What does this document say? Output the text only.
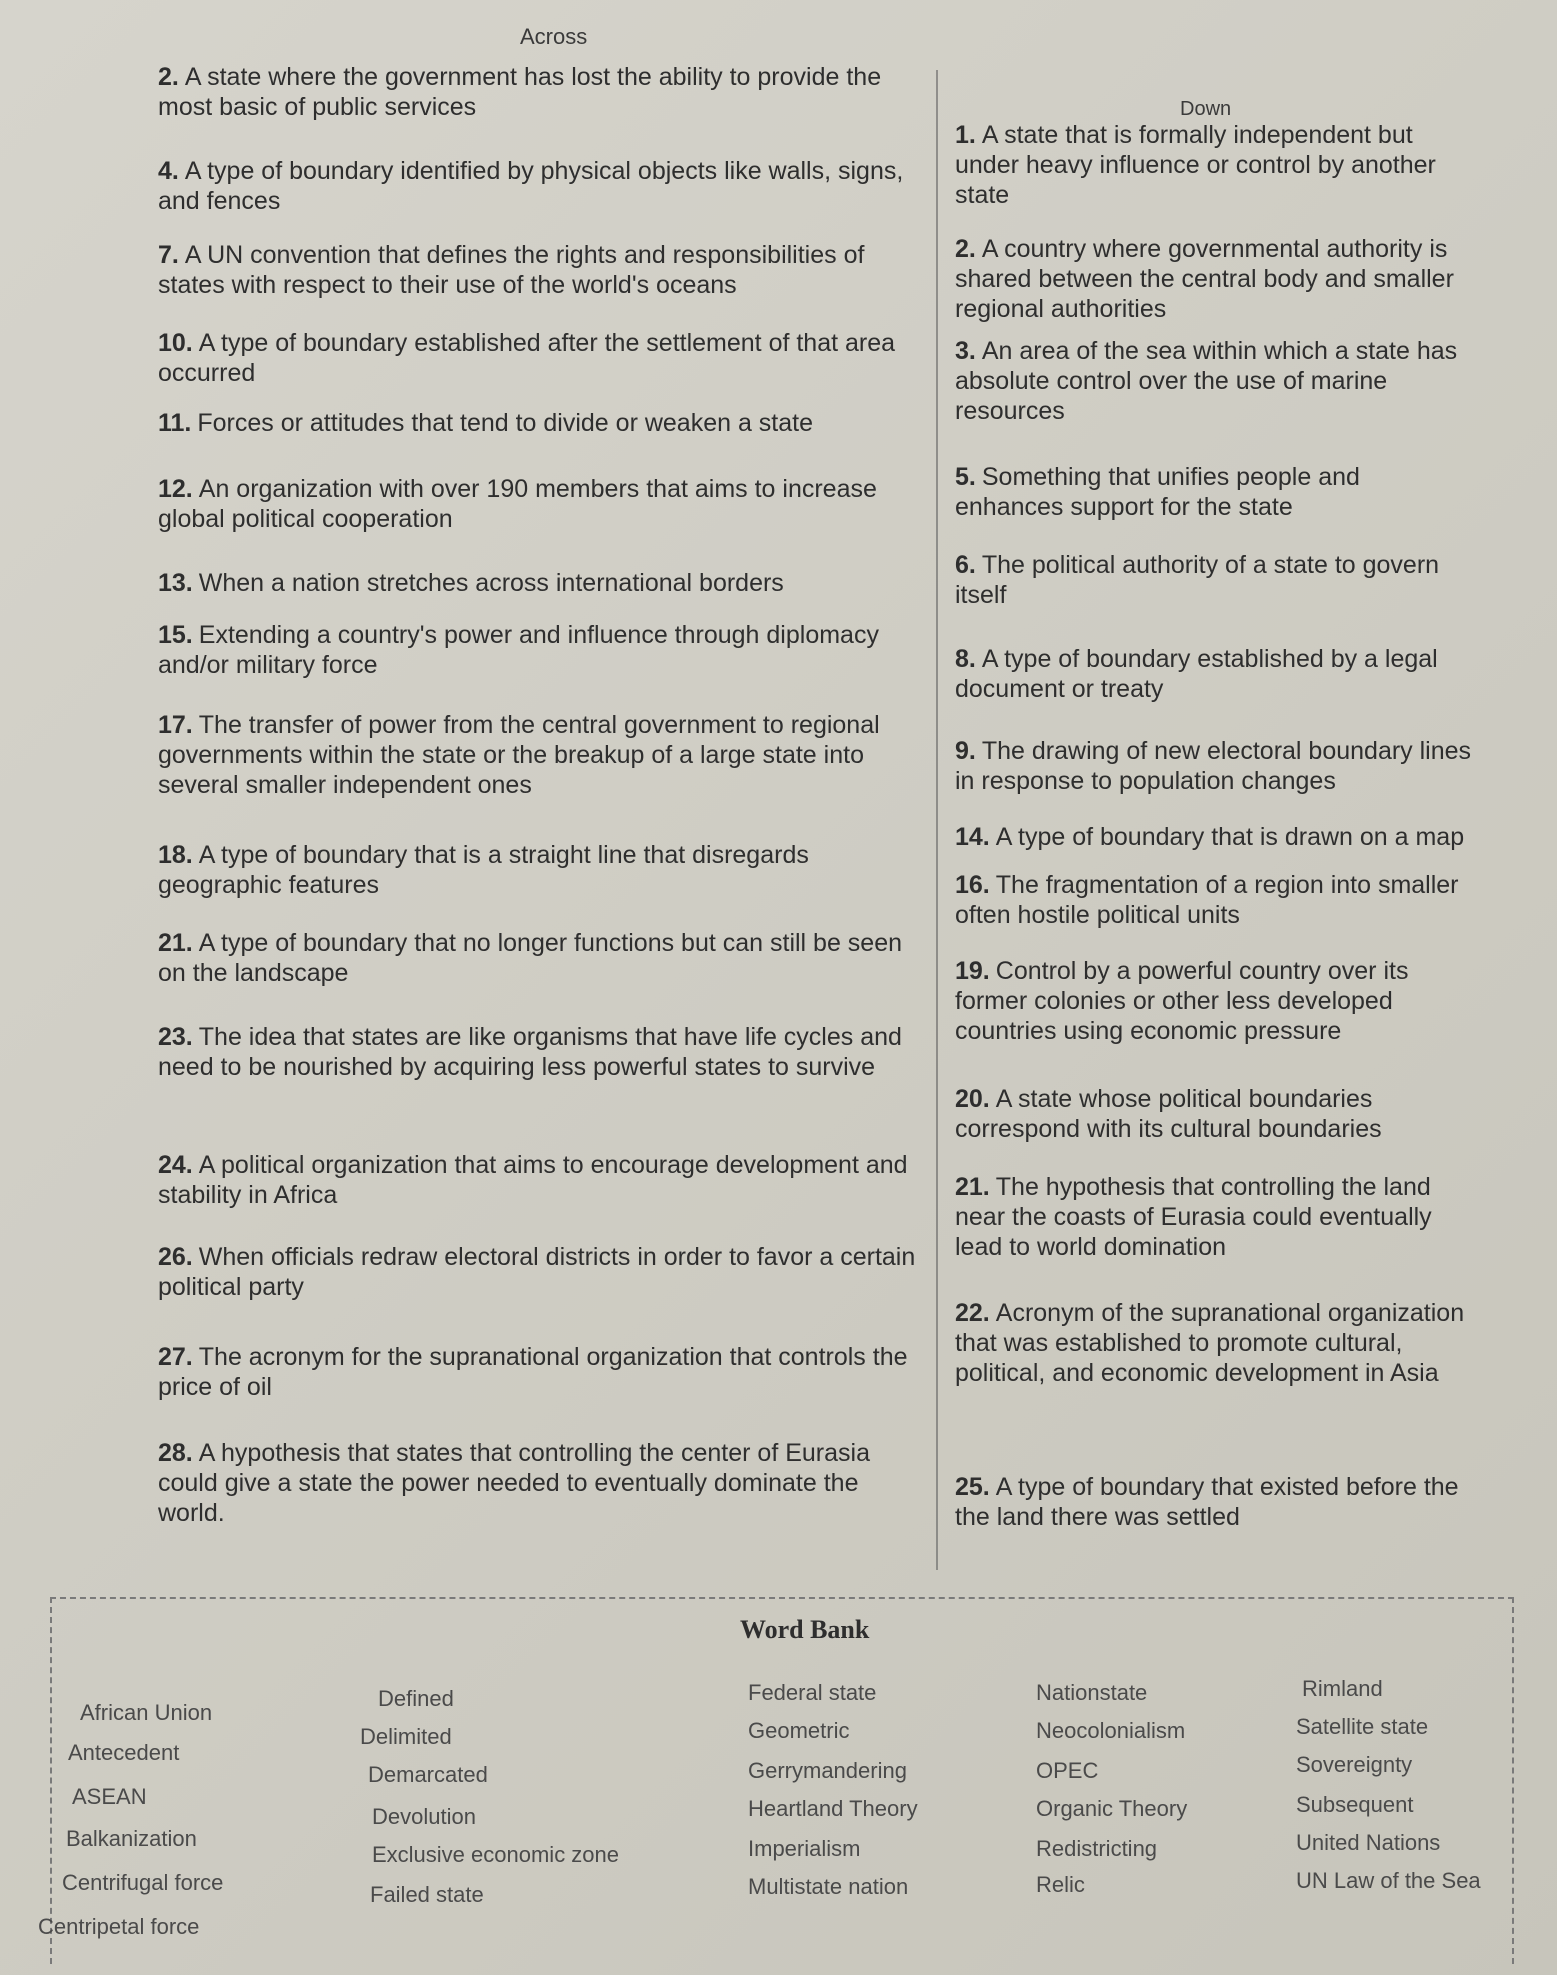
Across
Down
2. A state where the government has lost the ability to provide the most basic of public services
4. A type of boundary identified by physical objects like walls, signs, and fences
7. A UN convention that defines the rights and responsibilities of states with respect to their use of the world's oceans
10. A type of boundary established after the settlement of that area occurred
11. Forces or attitudes that tend to divide or weaken a state
12. An organization with over 190 members that aims to increase global political cooperation
13. When a nation stretches across international borders
15. Extending a country's power and influence through diplomacy and/or military force
17. The transfer of power from the central government to regional governments within the state or the breakup of a large state into several smaller independent ones
18. A type of boundary that is a straight line that disregards geographic features
21. A type of boundary that no longer functions but can still be seen on the landscape
23. The idea that states are like organisms that have life cycles and need to be nourished by acquiring less powerful states to survive
24. A political organization that aims to encourage development and stability in Africa
26. When officials redraw electoral districts in order to favor a certain political party
27. The acronym for the supranational organization that controls the price of oil
28. A hypothesis that states that controlling the center of Eurasia could give a state the power needed to eventually dominate the world.
1. A state that is formally independent but under heavy influence or control by another state
2. A country where governmental authority is shared between the central body and smaller regional authorities
3. An area of the sea within which a state has absolute control over the use of marine resources
5. Something that unifies people and enhances support for the state
6. The political authority of a state to govern itself
8. A type of boundary established by a legal document or treaty
9. The drawing of new electoral boundary lines in response to population changes
14. A type of boundary that is drawn on a map
16. The fragmentation of a region into smaller often hostile political units
19. Control by a powerful country over its former colonies or other less developed countries using economic pressure
20. A state whose political boundaries correspond with its cultural boundaries
21. The hypothesis that controlling the land near the coasts of Eurasia could eventually lead to world domination
22. Acronym of the supranational organization that was established to promote cultural, political, and economic development in Asia
25. A type of boundary that existed before the the land there was settled
Word Bank
African Union
Antecedent
ASEAN
Balkanization
Centrifugal force
Centripetal force
Defined
Delimited
Demarcated
Devolution
Exclusive economic zone
Failed state
Federal state
Geometric
Gerrymandering
Heartland Theory
Imperialism
Multistate nation
Nationstate
Neocolonialism
OPEC
Organic Theory
Redistricting
Relic
Rimland
Satellite state
Sovereignty
Subsequent
United Nations
UN Law of the Sea
